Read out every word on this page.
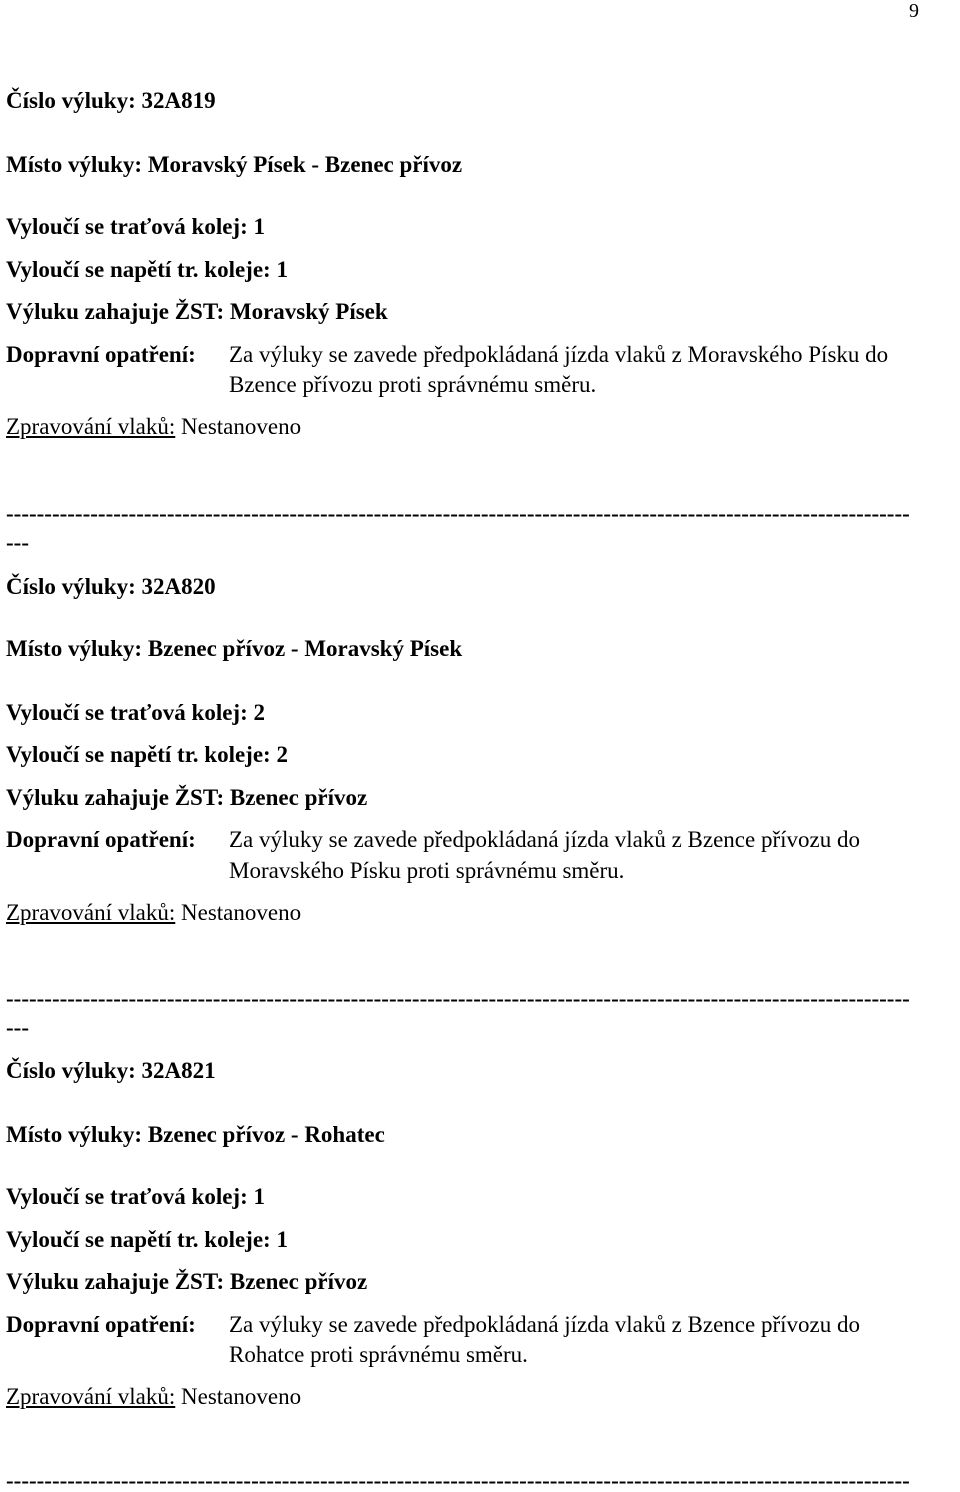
9
Číslo výluky: 32A819
Místo výluky: Moravský Písek - Bzenec přívoz
Vyloučí se traťová kolej: 1
Vyloučí se napětí tr. koleje: 1
Výluku zahajuje ŽST: Moravský Písek
Dopravní opatření: Za výluky se zavede předpokládaná jízda vlaků z Moravského Písku do
Bzence přívozu proti správnému směru.
Zpravování vlaků: Nestanoveno
----------------------------------------------------------------------------------------------------------------------
---
Číslo výluky: 32A820
Místo výluky: Bzenec přívoz - Moravský Písek
Vyloučí se traťová kolej: 2
Vyloučí se napětí tr. koleje: 2
Výluku zahajuje ŽST: Bzenec přívoz
Dopravní opatření: Za výluky se zavede předpokládaná jízda vlaků z Bzence přívozu do
Moravského Písku proti správnému směru.
Zpravování vlaků: Nestanoveno
----------------------------------------------------------------------------------------------------------------------
---
Číslo výluky: 32A821
Místo výluky: Bzenec přívoz - Rohatec
Vyloučí se traťová kolej: 1
Vyloučí se napětí tr. koleje: 1
Výluku zahajuje ŽST: Bzenec přívoz
Dopravní opatření: Za výluky se zavede předpokládaná jízda vlaků z Bzence přívozu do
Rohatce proti správnému směru.
Zpravování vlaků: Nestanoveno
----------------------------------------------------------------------------------------------------------------------
